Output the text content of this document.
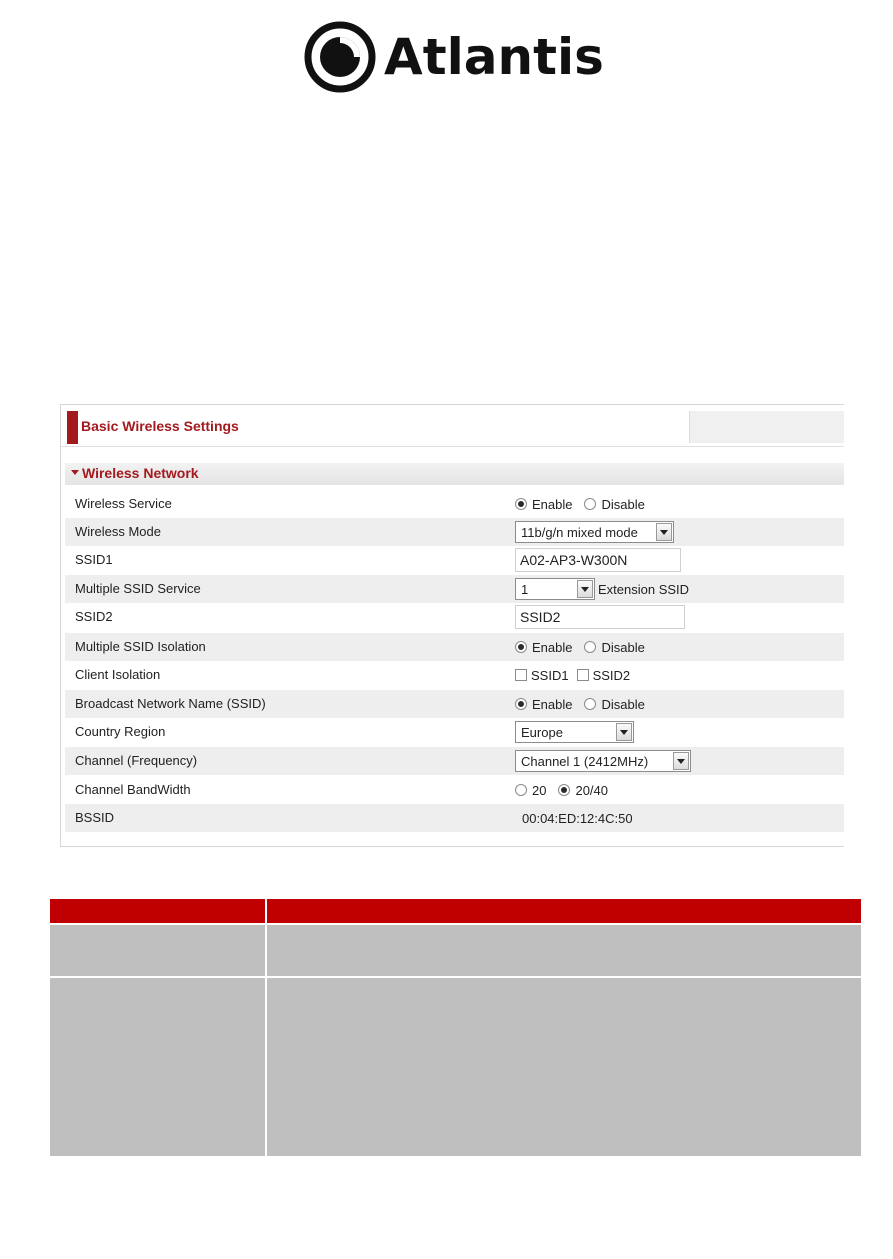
Atlantis
Basic Wireless Settings
Wireless Network
Wireless Service	Enable Disable
Wireless Mode	11b/g/n mixed mode
SSID1	A02-AP3-W300N
Multiple SSID Service	1	Extension SSID
SSID2	SSID2
Multiple SSID Isolation	Enable Disable
Client Isolation	SSID1 SSID2
Broadcast Network Name (SSID)	Enable Disable
Country Region	Europe
Channel (Frequency)	Channel 1 (2412MHz)
Channel BandWidth	20 20/40
BSSID	00:04:ED:12:4C:50
